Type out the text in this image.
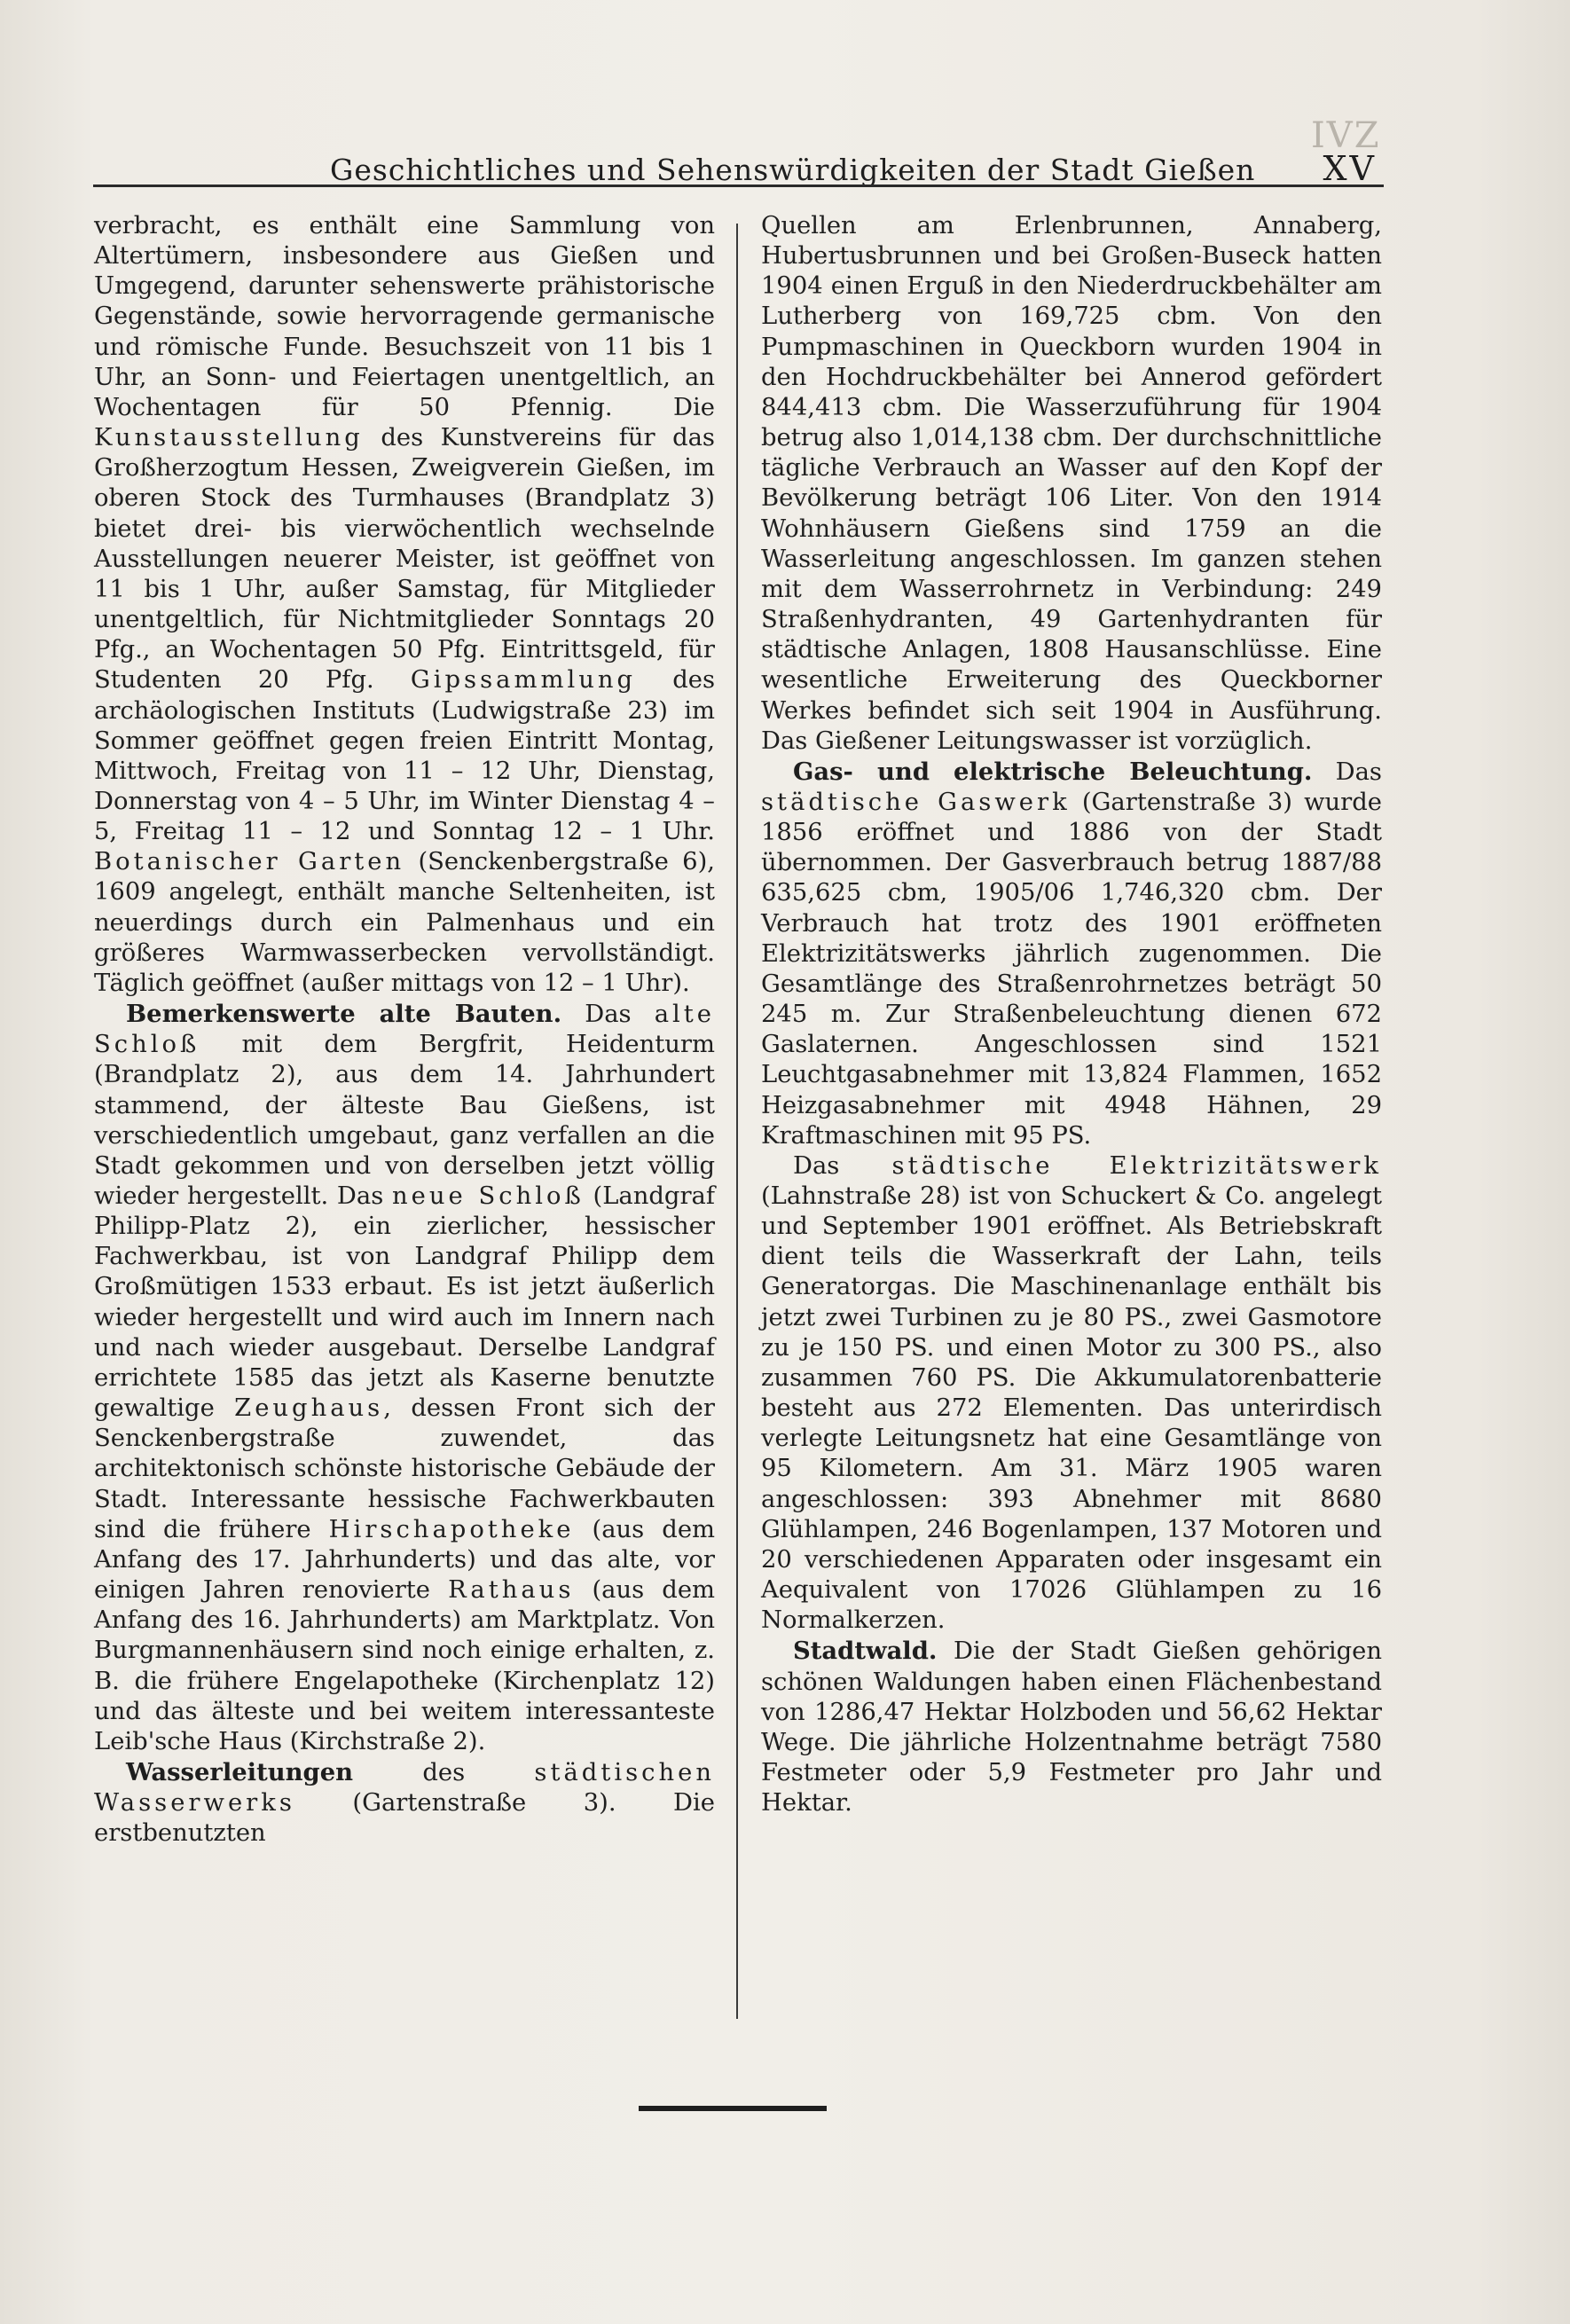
IVZ
Geschichtliches und Sehenswürdigkeiten der Stadt Gießen XV

verbracht, es enthält eine Sammlung von Altertümern, insbesondere aus Gießen und Umgegend, darunter sehenswerte prähistorische Gegenstände, sowie hervorragende germanische und römische Funde. Besuchszeit von 11 bis 1 Uhr, an Sonn- und Feiertagen unentgeltlich, an Wochentagen für 50 Pfennig. Die Kunstausstellung des Kunstvereins für das Großherzogtum Hessen, Zweigverein Gießen, im oberen Stock des Turmhauses (Brandplatz 3) bietet drei- bis vierwöchentlich wechselnde Ausstellungen neuerer Meister, ist geöffnet von 11 bis 1 Uhr, außer Samstag, für Mitglieder unentgeltlich, für Nichtmitglieder Sonntags 20 Pfg., an Wochentagen 50 Pfg. Eintrittsgeld, für Studenten 20 Pfg. Gipssammlung des archäologischen Instituts (Ludwigstraße 23) im Sommer geöffnet gegen freien Eintritt Montag, Mittwoch, Freitag von 11 – 12 Uhr, Dienstag, Donnerstag von 4 – 5 Uhr, im Winter Dienstag 4 – 5, Freitag 11 – 12 und Sonntag 12 – 1 Uhr. Botanischer Garten (Senckenbergstraße 6), 1609 angelegt, enthält manche Seltenheiten, ist neuerdings durch ein Palmenhaus und ein größeres Warmwasserbecken vervollständigt. Täglich geöffnet (außer mittags von 12 – 1 Uhr).

Bemerkenswerte alte Bauten. Das alte Schloß mit dem Bergfrit, Heidenturm (Brandplatz 2), aus dem 14. Jahrhundert stammend, der älteste Bau Gießens, ist verschiedentlich umgebaut, ganz verfallen an die Stadt gekommen und von derselben jetzt völlig wieder hergestellt. Das neue Schloß (Landgraf Philipp-Platz 2), ein zierlicher, hessischer Fachwerkbau, ist von Landgraf Philipp dem Großmütigen 1533 erbaut. Es ist jetzt äußerlich wieder hergestellt und wird auch im Innern nach und nach wieder ausgebaut. Derselbe Landgraf errichtete 1585 das jetzt als Kaserne benutzte gewaltige Zeughaus, dessen Front sich der Senckenbergstraße zuwendet, das architektonisch schönste historische Gebäude der Stadt. Interessante hessische Fachwerkbauten sind die frühere Hirschapotheke (aus dem Anfang des 17. Jahrhunderts) und das alte, vor einigen Jahren renovierte Rathaus (aus dem Anfang des 16. Jahrhunderts) am Marktplatz. Von Burgmannenhäusern sind noch einige erhalten, z. B. die frühere Engelapotheke (Kirchenplatz 12) und das älteste und bei weitem interessanteste Leib'sche Haus (Kirchstraße 2).

Wasserleitungen des städtischen Wasserwerks (Gartenstraße 3). Die erstbenutzten

Quellen am Erlenbrunnen, Annaberg, Hubertusbrunnen und bei Großen-Buseck hatten 1904 einen Erguß in den Niederdruckbehälter am Lutherberg von 169,725 cbm. Von den Pumpmaschinen in Queckborn wurden 1904 in den Hochdruckbehälter bei Annerod gefördert 844,413 cbm. Die Wasserzuführung für 1904 betrug also 1,014,138 cbm. Der durchschnittliche tägliche Verbrauch an Wasser auf den Kopf der Bevölkerung beträgt 106 Liter. Von den 1914 Wohnhäusern Gießens sind 1759 an die Wasserleitung angeschlossen. Im ganzen stehen mit dem Wasserrohrnetz in Verbindung: 249 Straßenhydranten, 49 Gartenhydranten für städtische Anlagen, 1808 Hausanschlüsse. Eine wesentliche Erweiterung des Queckborner Werkes befindet sich seit 1904 in Ausführung. Das Gießener Leitungswasser ist vorzüglich.

Gas- und elektrische Beleuchtung. Das städtische Gaswerk (Gartenstraße 3) wurde 1856 eröffnet und 1886 von der Stadt übernommen. Der Gasverbrauch betrug 1887/88 635,625 cbm, 1905/06 1,746,320 cbm. Der Verbrauch hat trotz des 1901 eröffneten Elektrizitätswerks jährlich zugenommen. Die Gesamtlänge des Straßenrohrnetzes beträgt 50 245 m. Zur Straßenbeleuchtung dienen 672 Gaslaternen. Angeschlossen sind 1521 Leuchtgasabnehmer mit 13,824 Flammen, 1652 Heizgasabnehmer mit 4948 Hähnen, 29 Kraftmaschinen mit 95 PS.

Das städtische Elektrizitätswerk (Lahnstraße 28) ist von Schuckert & Co. angelegt und September 1901 eröffnet. Als Betriebskraft dient teils die Wasserkraft der Lahn, teils Generatorgas. Die Maschinenanlage enthält bis jetzt zwei Turbinen zu je 80 PS., zwei Gasmotore zu je 150 PS. und einen Motor zu 300 PS., also zusammen 760 PS. Die Akkumulatorenbatterie besteht aus 272 Elementen. Das unterirdisch verlegte Leitungsnetz hat eine Gesamtlänge von 95 Kilometern. Am 31. März 1905 waren angeschlossen: 393 Abnehmer mit 8680 Glühlampen, 246 Bogenlampen, 137 Motoren und 20 verschiedenen Apparaten oder insgesamt ein Aequivalent von 17026 Glühlampen zu 16 Normalkerzen.

Stadtwald. Die der Stadt Gießen gehörigen schönen Waldungen haben einen Flächenbestand von 1286,47 Hektar Holzboden und 56,62 Hektar Wege. Die jährliche Holzentnahme beträgt 7580 Festmeter oder 5,9 Festmeter pro Jahr und Hektar.
